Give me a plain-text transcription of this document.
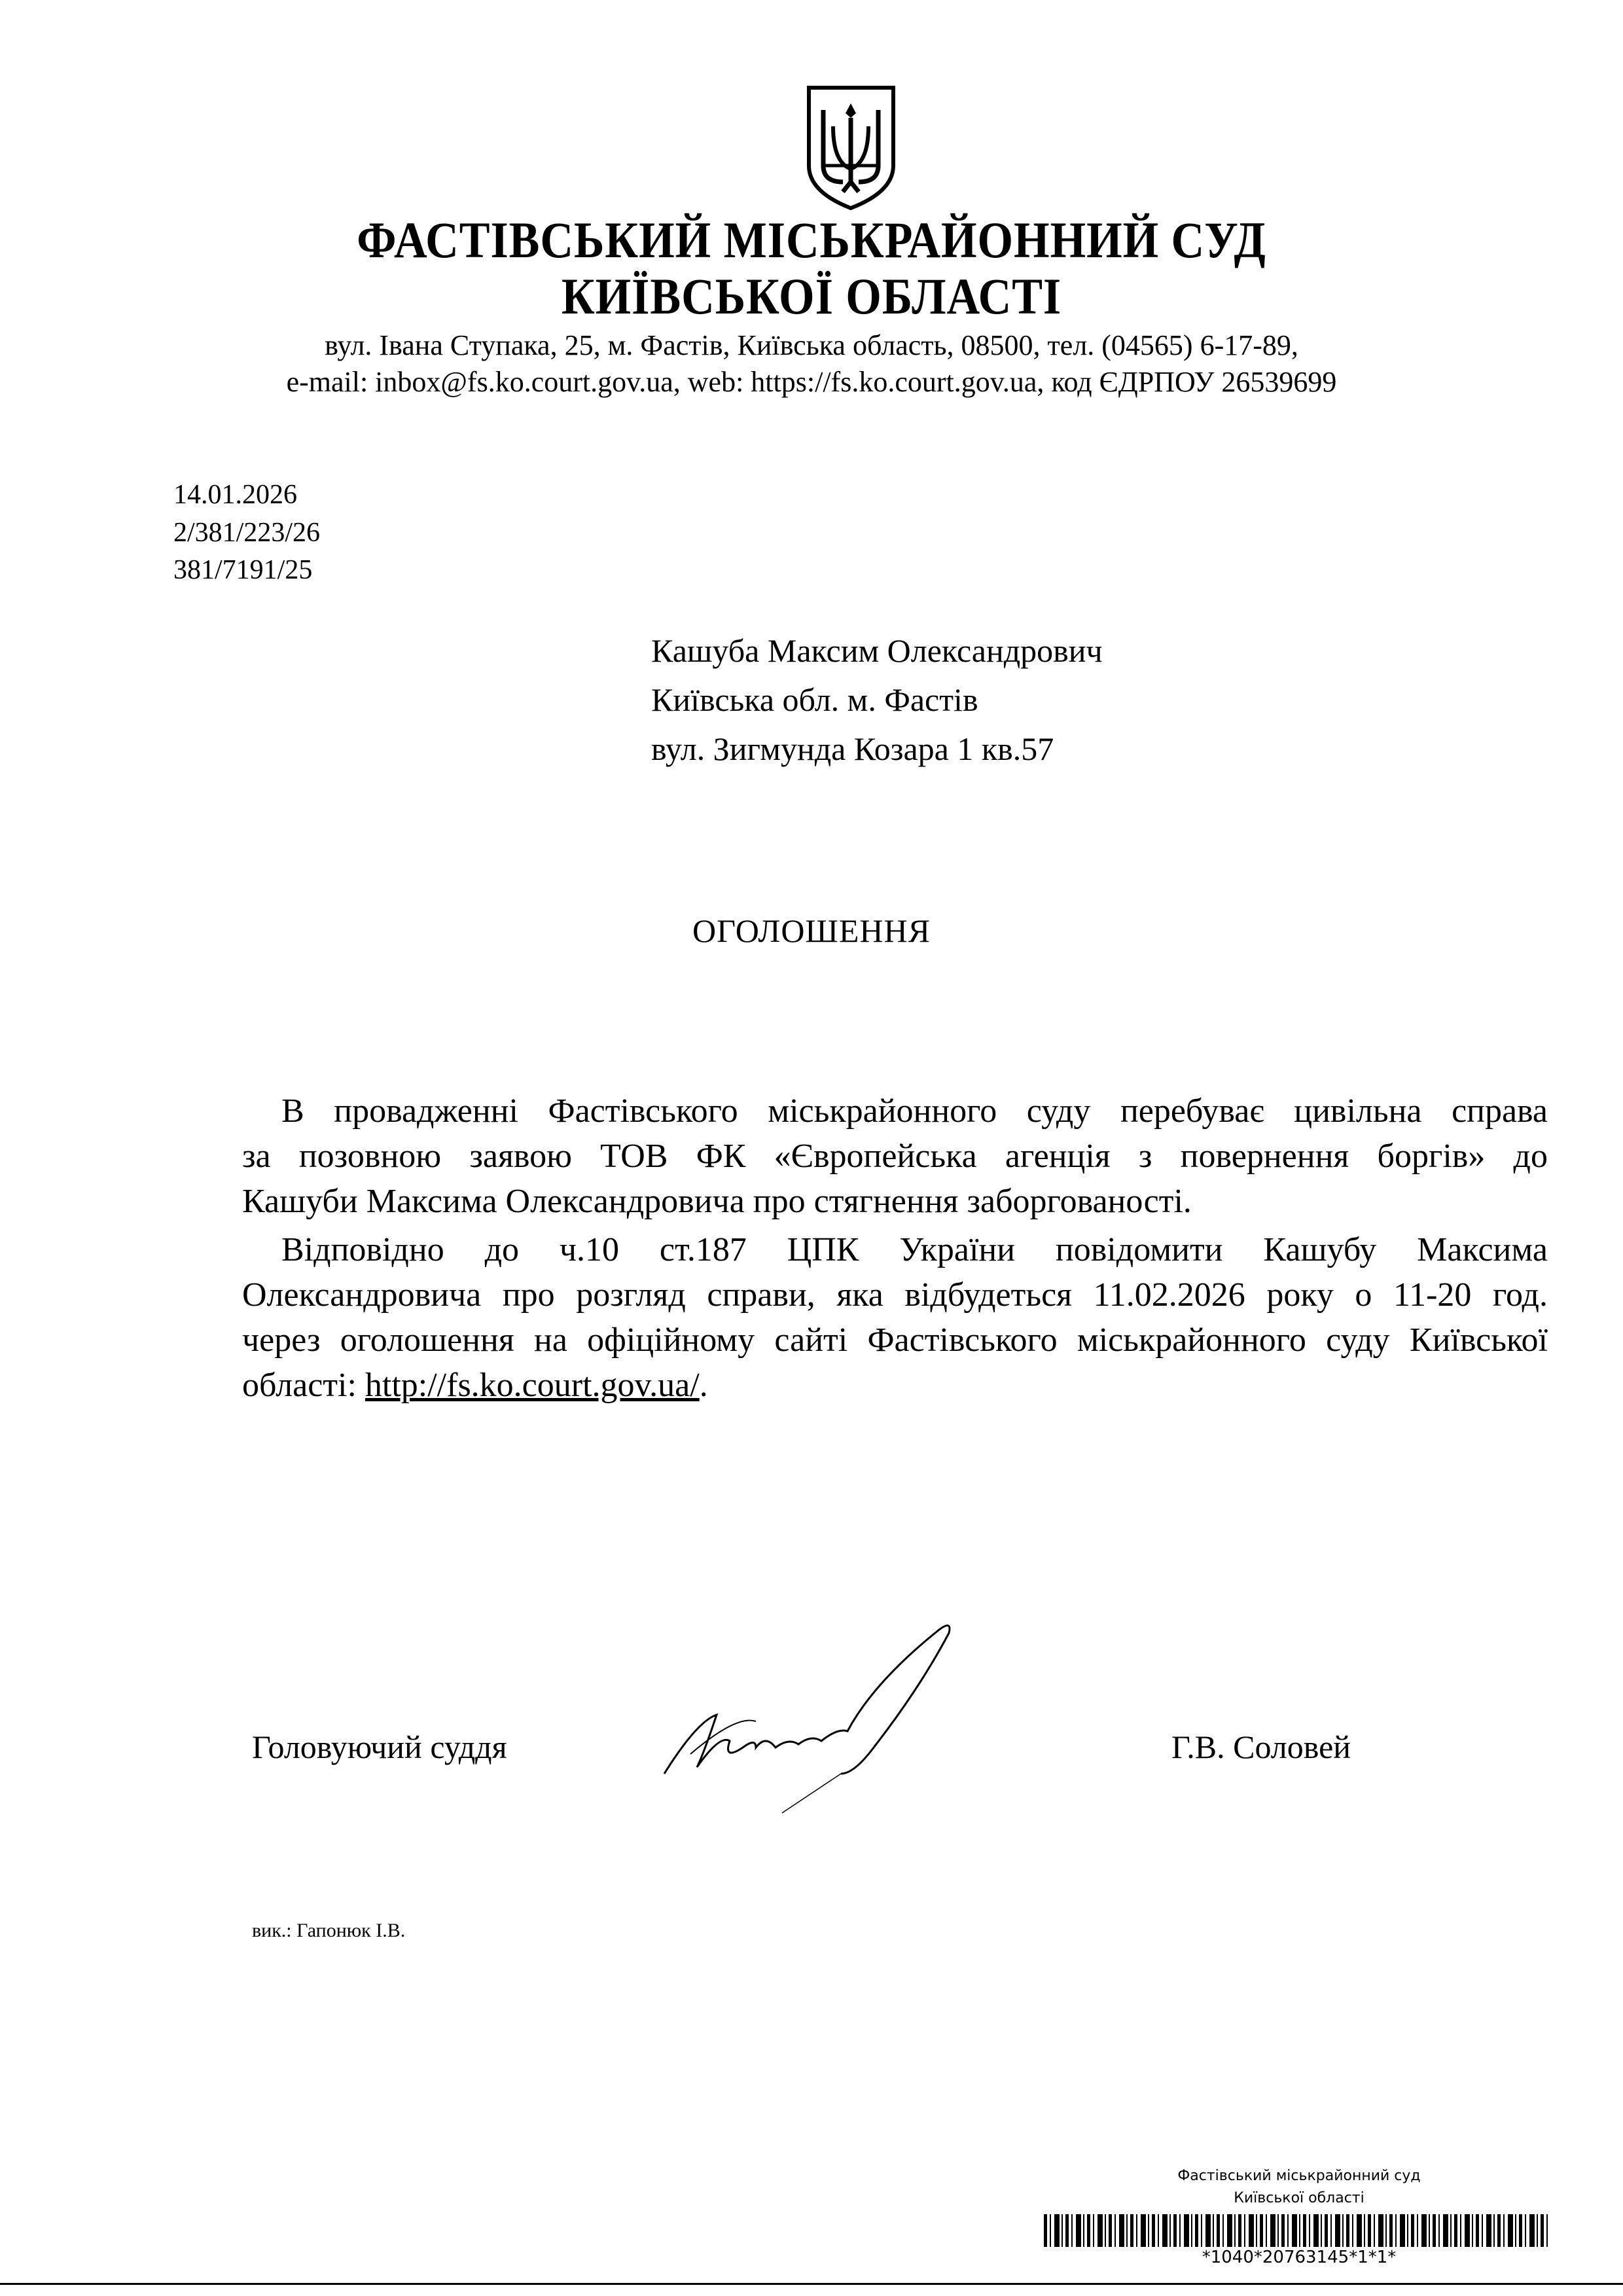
ФАСТІВСЬКИЙ МІСЬКРАЙОННИЙ СУД
КИЇВСЬКОЇ ОБЛАСТІ
вул. Івана Ступака, 25, м. Фастів, Київська область, 08500, тел. (04565) 6-17-89,
e-mail: inbox@fs.ko.court.gov.ua, web: https://fs.ko.court.gov.ua, код ЄДРПОУ 26539699
14.01.2026
2/381/223/26
381/7191/25
Кашуба Максим Олександрович
Київська обл. м. Фастів
вул. Зигмунда Козара 1 кв.57
ОГОЛОШЕННЯ
В провадженні Фастівського міськрайонного суду перебуває цивільна справа
за позовною заявою ТОВ ФК «Європейська агенція з повернення боргів» до
Кашуби Максима Олександровича про стягнення заборгованості.
Відповідно до ч.10 ст.187 ЦПК України повідомити Кашубу Максима
Олександровича про розгляд справи, яка відбудеться 11.02.2026 року о 11-20 год.
через оголошення на офіційному сайті Фастівського міськрайонного суду Київської
області: http://fs.ko.court.gov.ua/.
Головуючий суддя	Г.В. Соловей
вик.: Гапонюк І.В.
Фастівський міськрайонний суд
Київської області
*1040*20763145*1*1*
